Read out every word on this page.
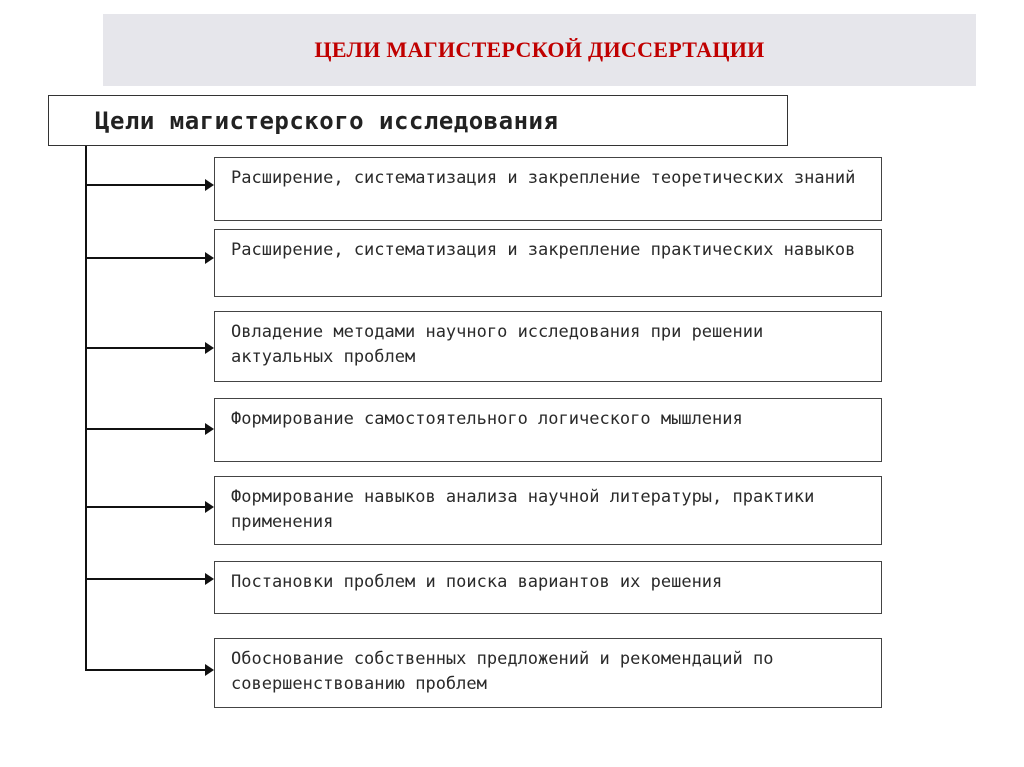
ЦЕЛИ МАГИСТЕРСКОЙ ДИССЕРТАЦИИ
Цели магистерского исследования

Расширение, систематизация и закрепление теоретических знаний

Расширение, систематизация и закрепление практических навыков

Овладение методами научного исследования при решении актуальных проблем

Формирование самостоятельного логического мышления

Формирование навыков анализа научной литературы, практики применения

Постановки проблем и поиска вариантов их решения

Обоснование собственных предложений и рекомендаций по совершенствованию проблем
